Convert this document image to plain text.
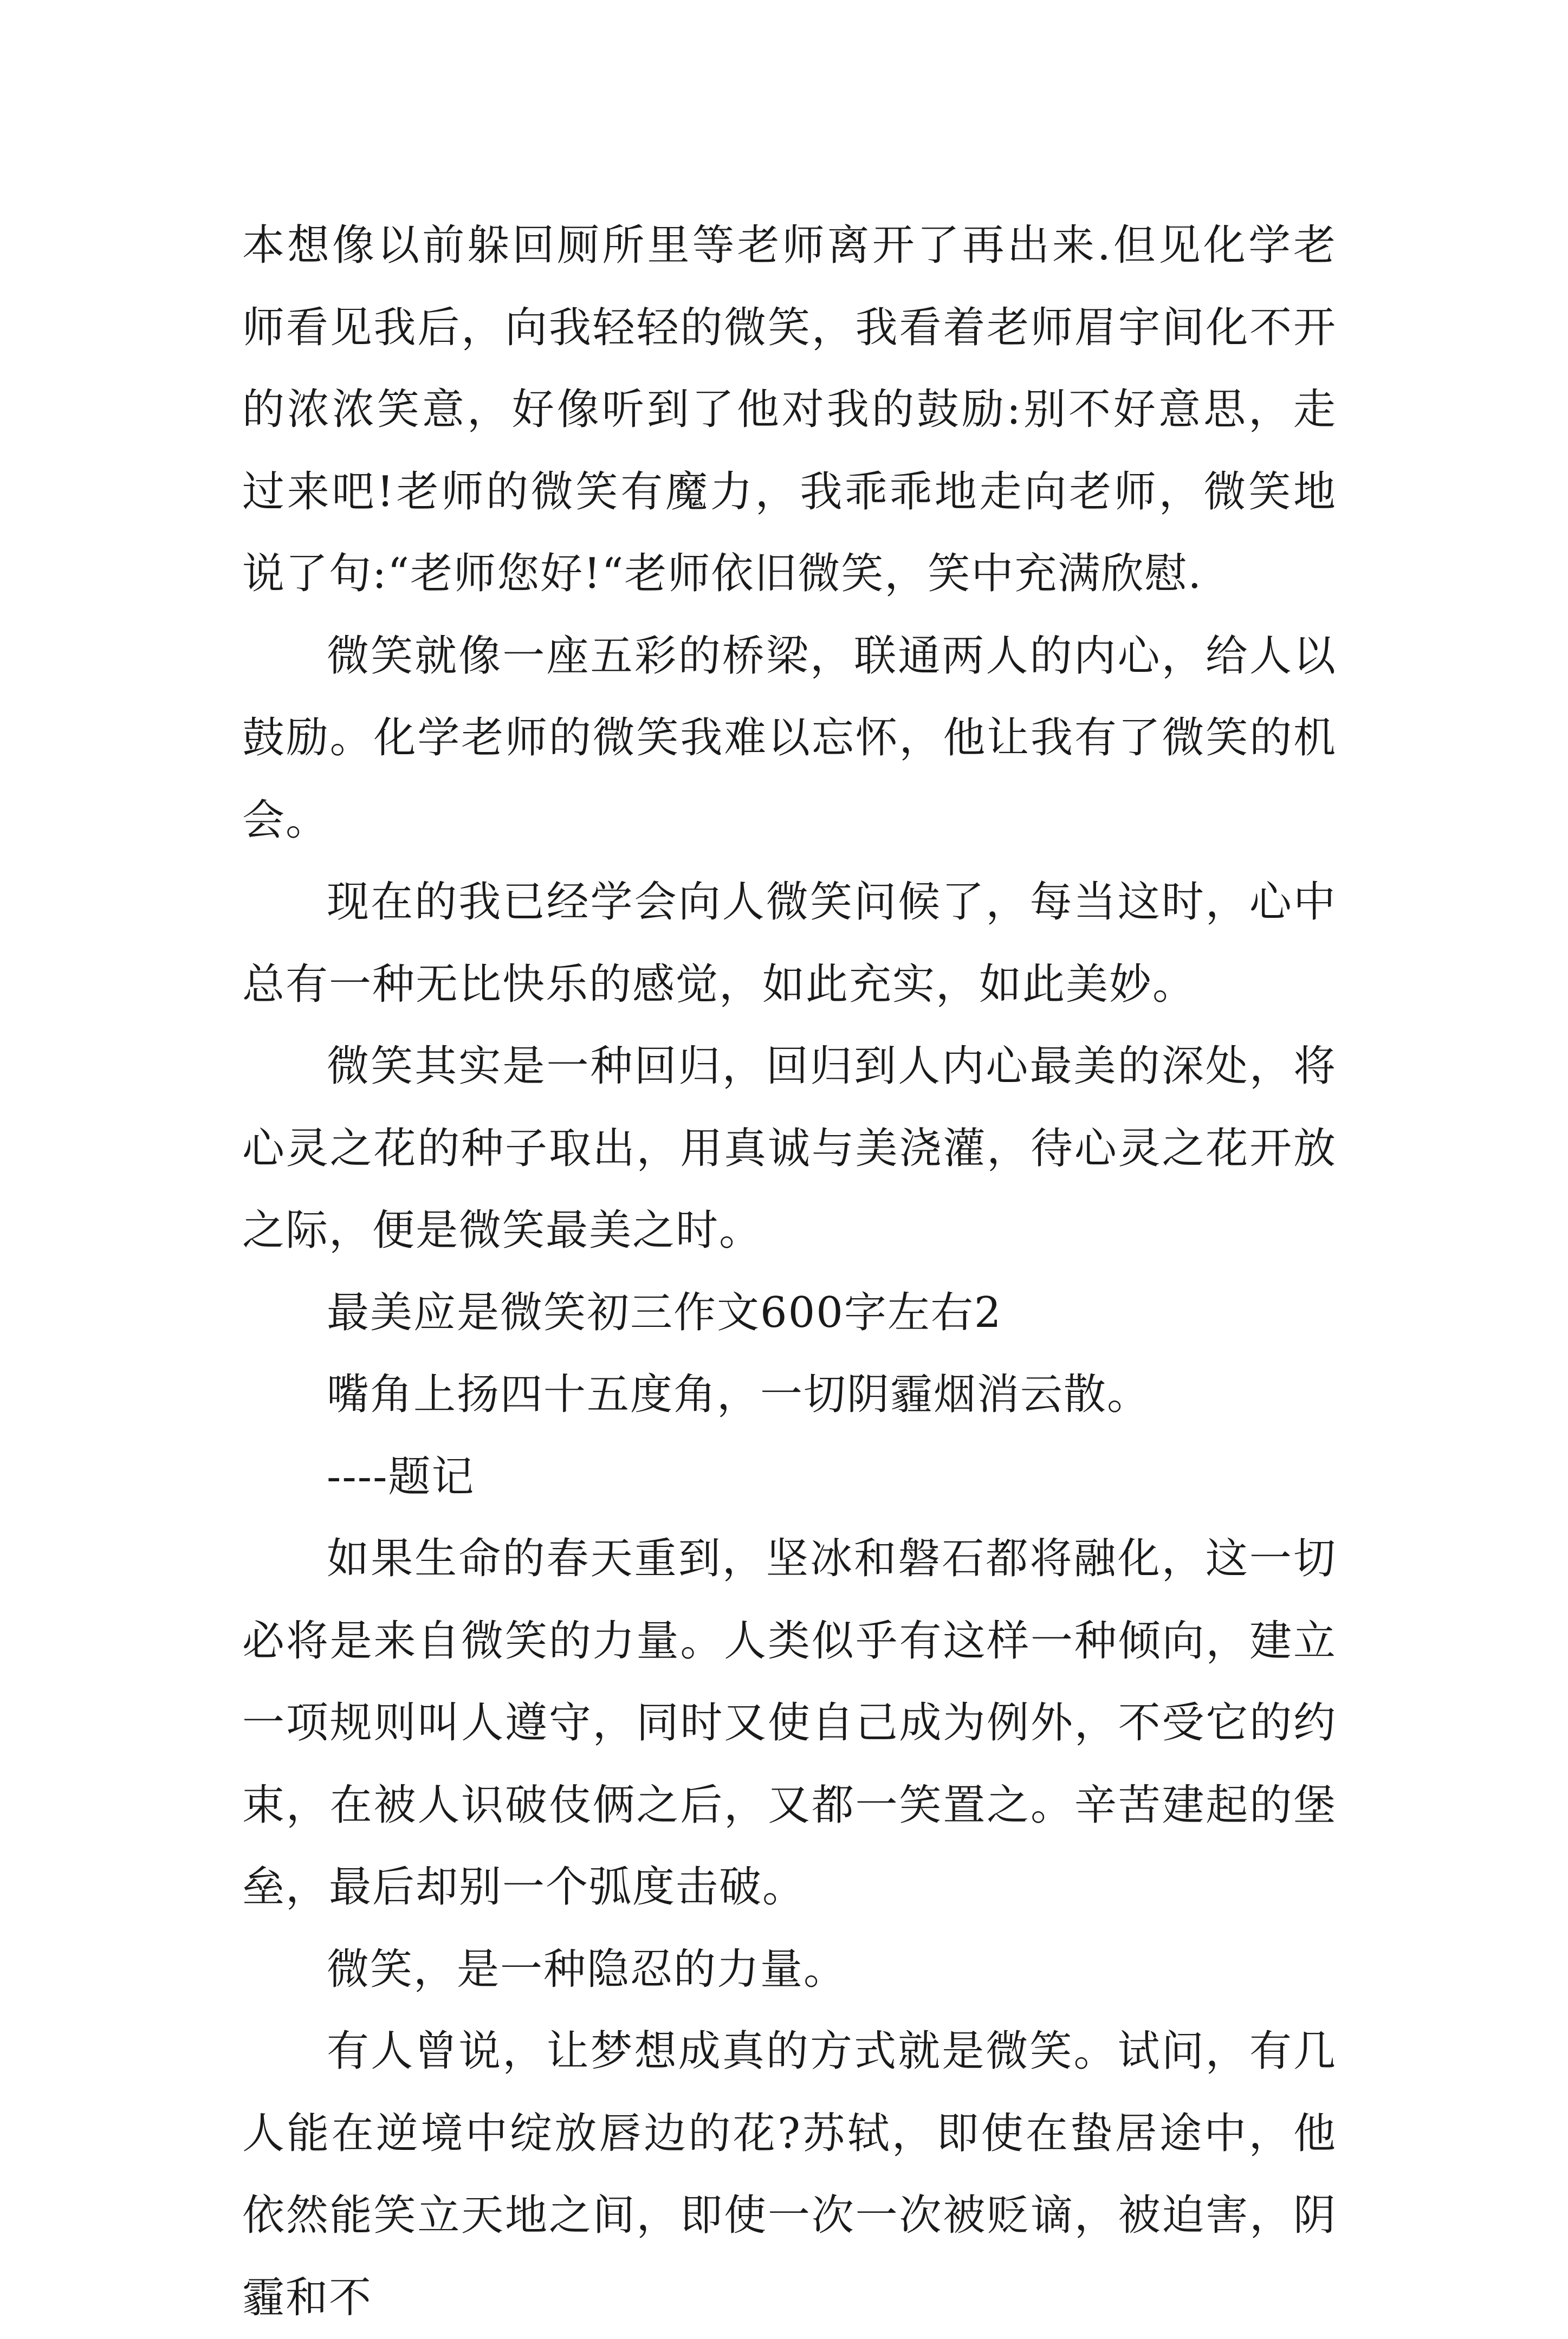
本想像以前躲回厕所里等老师离开了再出来.但见化学老师看见我后，向我轻轻的微笑，我看着老师眉宇间化不开的浓浓笑意，好像听到了他对我的鼓励:别不好意思，走过来吧!老师的微笑有魔力，我乖乖地走向老师，微笑地说了句:“老师您好!“老师依旧微笑，笑中充满欣慰.

微笑就像一座五彩的桥梁，联通两人的内心，给人以鼓励。化学老师的微笑我难以忘怀，他让我有了微笑的机会。

现在的我已经学会向人微笑问候了，每当这时，心中总有一种无比快乐的感觉，如此充实，如此美妙。

微笑其实是一种回归，回归到人内心最美的深处，将心灵之花的种子取出，用真诚与美浇灌，待心灵之花开放之际，便是微笑最美之时。

最美应是微笑初三作文600字左右2

嘴角上扬四十五度角，一切阴霾烟消云散。

----题记

如果生命的春天重到，坚冰和磐石都将融化，这一切必将是来自微笑的力量。人类似乎有这样一种倾向，建立一项规则叫人遵守，同时又使自己成为例外，不受它的约束，在被人识破伎俩之后，又都一笑置之。辛苦建起的堡垒，最后却别一个弧度击破。

微笑，是一种隐忍的力量。

有人曾说，让梦想成真的方式就是微笑。试问，有几人能在逆境中绽放唇边的花?苏轼，即使在蛰居途中，他依然能笑立天地之间，即使一次一次被贬谪，被迫害，阴霾和不
